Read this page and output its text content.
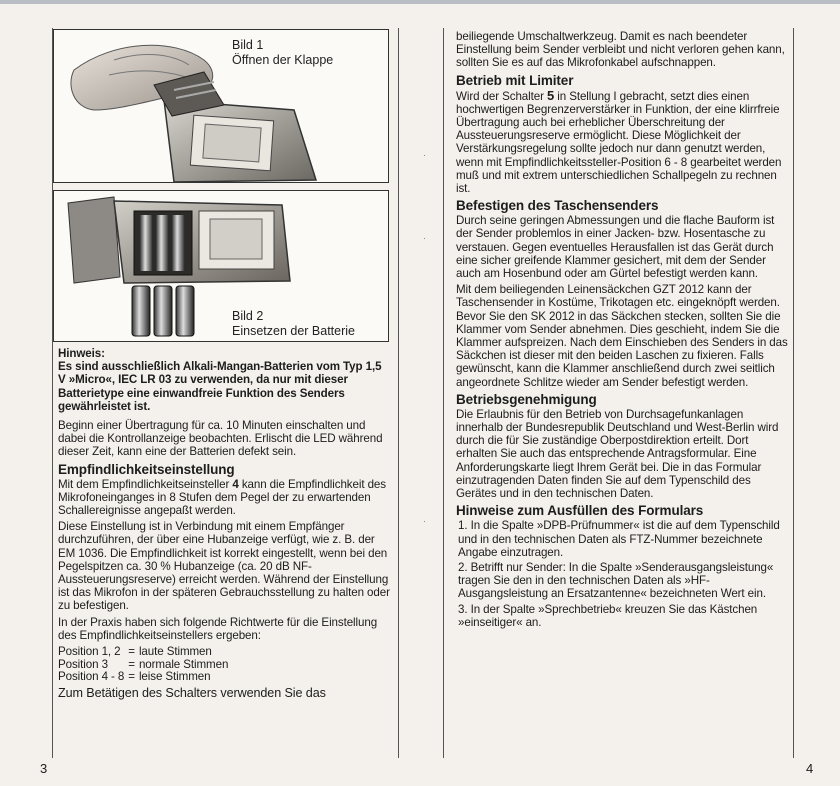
·
·
·
Bild 1
Öffnen der Klappe
Bild 2
Einsetzen der Batterie
Hinweis:

Es sind ausschließlich Alkali-Mangan-Batterien vom Typ 1,5 V »Micro«, IEC LR 03 zu verwenden, da nur mit dieser Batterietype eine einwandfreie Funktion des Senders gewährleistet ist.

Beginn einer Übertragung für ca. 10 Minuten einschalten und dabei die Kontrollanzeige beobachten. Erlischt die LED während dieser Zeit, kann eine der Batterien defekt sein.

Empfindlichkeitseinstellung

Mit dem Empfindlichkeitseinsteller 4 kann die Empfindlichkeit des Mikrofoneinganges in 8 Stufen dem Pegel der zu erwartenden Schallereignisse angepaßt werden.

Diese Einstellung ist in Verbindung mit einem Empfänger durchzuführen, der über eine Hubanzeige verfügt, wie z. B. der EM 1036. Die Empfindlichkeit ist korrekt eingestellt, wenn bei den Pegelspitzen ca. 30 % Hubanzeige (ca. 20 dB NF-Aussteuerungsreserve) erreicht werden. Während der Einstellung ist das Mikrofon in der späteren Gebrauchsstellung zu halten oder zu befestigen.

In der Praxis haben sich folgende Richtwerte für die Einstellung des Empfindlichkeitseinstellers ergeben:

Position 1, 2	=	laute Stimmen
Position 3	=	normale Stimmen
Position 4 - 8	=	leise Stimmen

Zum Betätigen des Schalters verwenden Sie das

3

beiliegende Umschaltwerkzeug. Damit es nach beendeter Einstellung beim Sender verbleibt und nicht verloren gehen kann, sollten Sie es auf das Mikrofonkabel aufschnappen.

Betrieb mit Limiter

Wird der Schalter 5 in Stellung I gebracht, setzt dies einen hochwertigen Begrenzerverstärker in Funktion, der eine klirrfreie Übertragung auch bei erheblicher Überschreitung der Aussteuerungsreserve ermöglicht. Diese Möglichkeit der Verstärkungsregelung sollte jedoch nur dann genutzt werden, wenn mit Empfindlichkeitssteller-Position 6 - 8 gearbeitet werden muß und mit extrem unterschiedlichen Schallpegeln zu rechnen ist.

Befestigen des Taschensenders

Durch seine geringen Abmessungen und die flache Bauform ist der Sender problemlos in einer Jacken- bzw. Hosentasche zu verstauen. Gegen eventuelles Herausfallen ist das Gerät durch eine sicher greifende Klammer gesichert, mit dem der Sender auch am Hosenbund oder am Gürtel befestigt werden kann.

Mit dem beiliegenden Leinensäckchen GZT 2012 kann der Taschensender in Kostüme, Trikotagen etc. eingeknöpft werden. Bevor Sie den SK 2012 in das Säckchen stecken, sollten Sie die Klammer vom Sender abnehmen. Dies geschieht, indem Sie die Klammer aufspreizen. Nach dem Einschieben des Senders in das Säckchen ist dieser mit den beiden Laschen zu fixieren. Falls gewünscht, kann die Klammer anschließend durch zwei seitlich angeordnete Schlitze wieder am Sender befestigt werden.

Betriebsgenehmigung

Die Erlaubnis für den Betrieb von Durchsagefunkanlagen innerhalb der Bundesrepublik Deutschland und West-Berlin wird durch die für Sie zuständige Oberpostdirektion erteilt. Dort erhalten Sie auch das entsprechende Antragsformular. Eine Anforderungskarte liegt Ihrem Gerät bei. Die in das Formular einzutragenden Daten finden Sie auf dem Typenschild des Gerätes und in den technischen Daten.

Hinweise zum Ausfüllen des Formulars
1. In die Spalte »DPB-Prüfnummer« ist die auf dem Typenschild und in den technischen Daten als FTZ-Nummer bezeichnete Angabe einzutragen.
2. Betrifft nur Sender: In die Spalte »Senderausgangsleistung« tragen Sie den in den technischen Daten als »HF-Ausgangsleistung an Ersatzantenne« bezeichneten Wert ein.
3. In der Spalte »Sprechbetrieb« kreuzen Sie das Kästchen »einseitiger« an.
4
